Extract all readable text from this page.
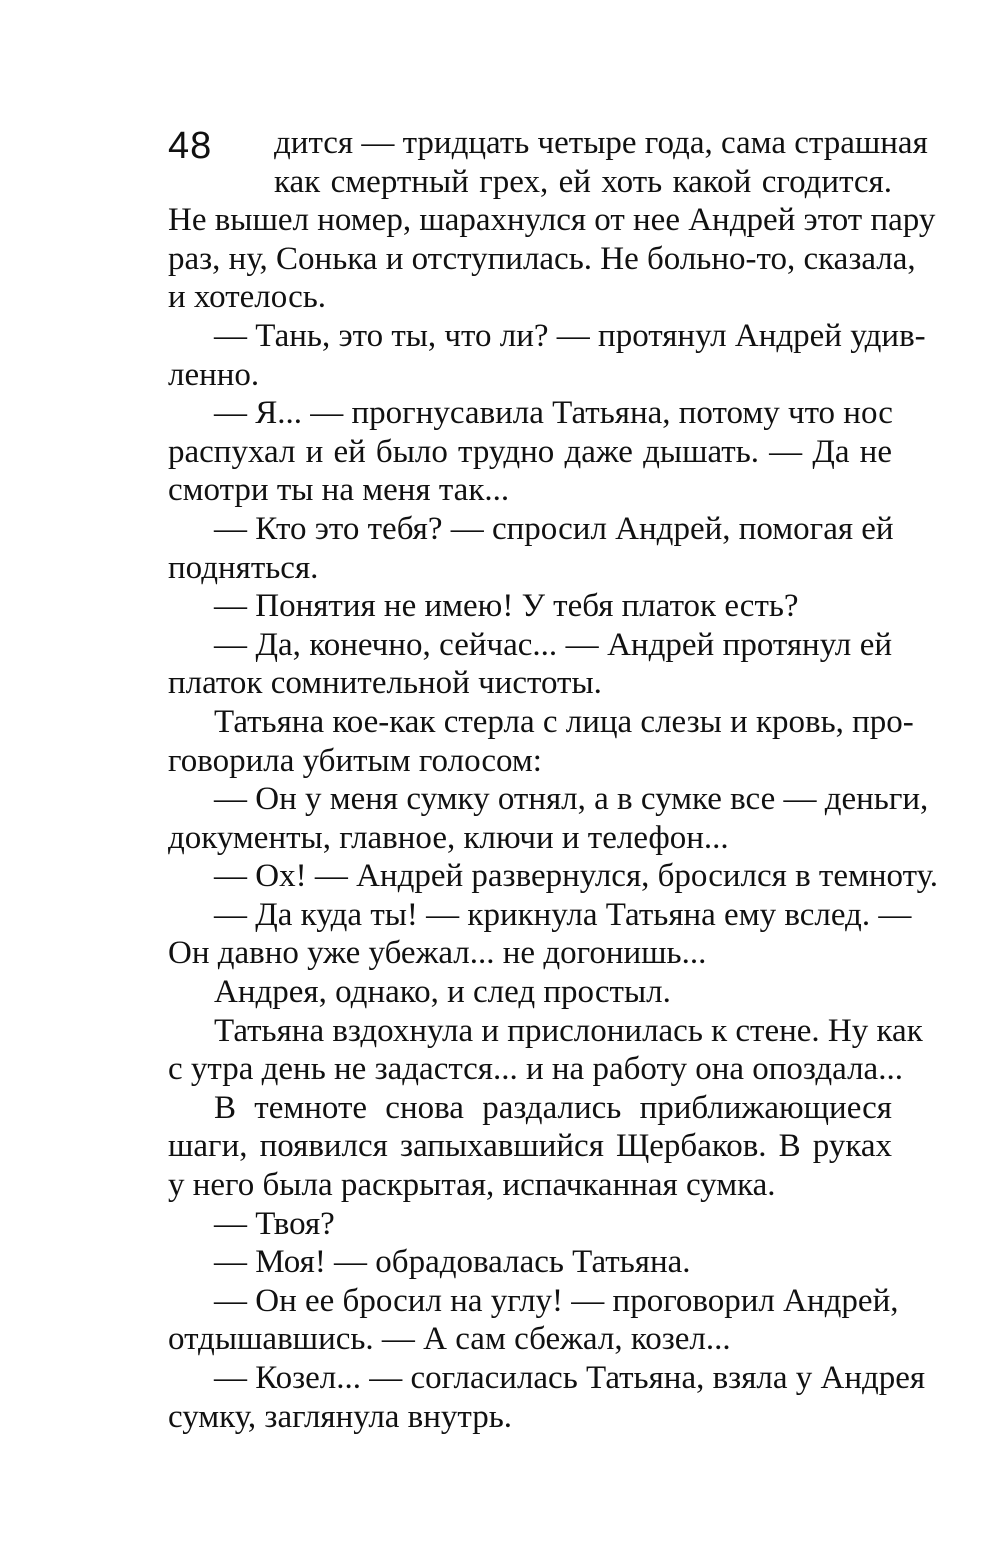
48	дится — тридцать четыре года, сама страшная
как смертный грех, ей хоть какой сгодится.
Не вышел номер, шарахнулся от нее Андрей этот пару
раз, ну, Сонька и отступилась. Не больно-то, сказала,
и хотелось.
— Тань, это ты, что ли? — протянул Андрей удив-
ленно.
— Я... — прогнусавила Татьяна, потому что нос
распухал и ей было трудно даже дышать. — Да не
смотри ты на меня так...
— Кто это тебя? — спросил Андрей, помогая ей
подняться.
— Понятия не имею! У тебя платок есть?
— Да, конечно, сейчас... — Андрей протянул ей
платок сомнительной чистоты.
Татьяна кое-как стерла с лица слезы и кровь, про-
говорила убитым голосом:
— Он у меня сумку отнял, а в сумке все — деньги,
документы, главное, ключи и телефон...
— Ох! — Андрей развернулся, бросился в темноту.
— Да куда ты! — крикнула Татьяна ему вслед. —
Он давно уже убежал... не догонишь...
Андрея, однако, и след простыл.
Татьяна вздохнула и прислонилась к стене. Ну как
с утра день не задастся... и на работу она опоздала...
В темноте снова раздались приближающиеся
шаги, появился запыхавшийся Щербаков. В руках
у него была раскрытая, испачканная сумка.
— Твоя?
— Моя! — обрадовалась Татьяна.
— Он ее бросил на углу! — проговорил Андрей,
отдышавшись. — А сам сбежал, козел...
— Козел... — согласилась Татьяна, взяла у Андрея
сумку, заглянула внутрь.
